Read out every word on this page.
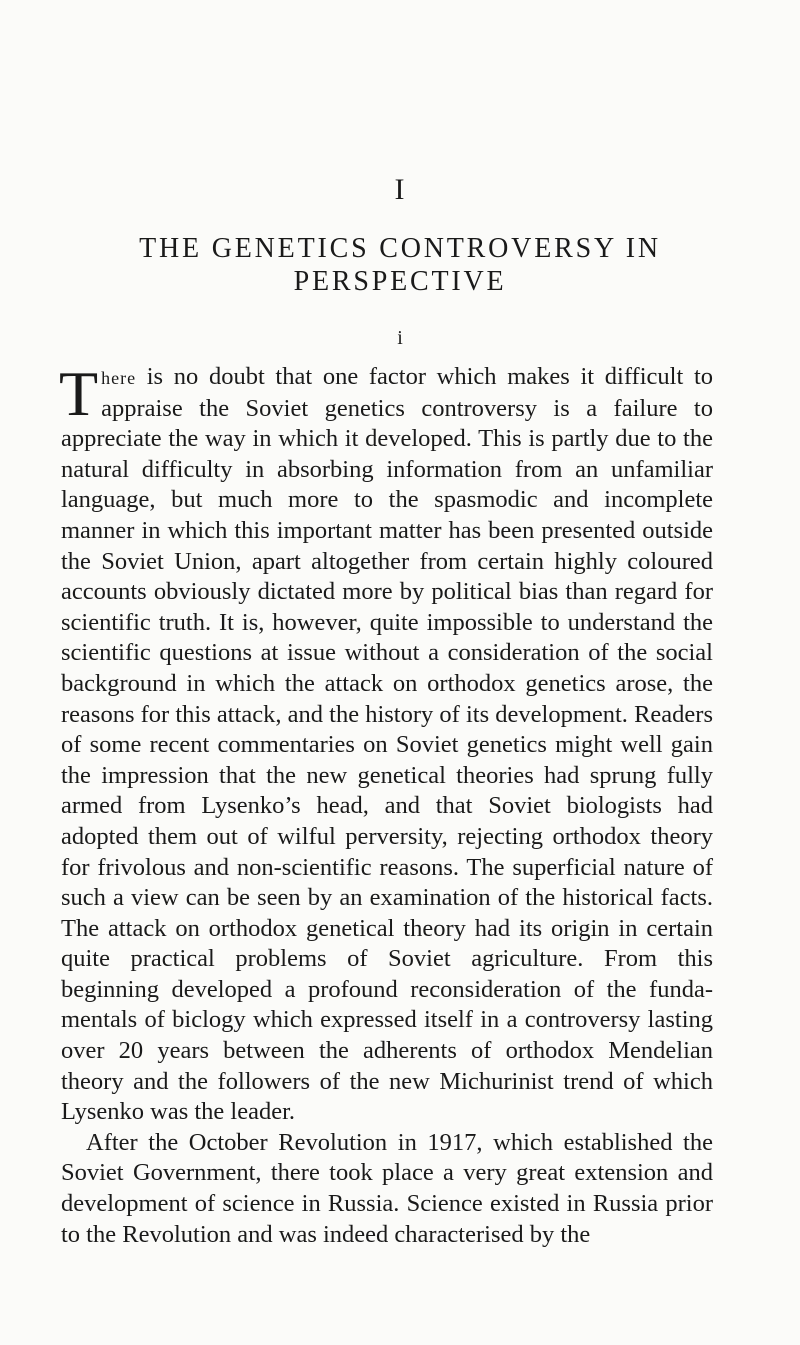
I
THE GENETICS CONTROVERSY IN PERSPECTIVE
i

There is no doubt that one factor which makes it difficult to appraise the Soviet genetics controversy is a failure to appreciate the way in which it developed. This is partly due to the natural difficulty in absorbing information from an unfamiliar language, but much more to the spasmodic and incomplete manner in which this important matter has been presented outside the Soviet Union, apart altogether from certain highly coloured accounts obviously dictated more by political bias than regard for scientific truth. It is, however, quite impossible to understand the scientific questions at issue without a consideration of the social background in which the attack on orthodox genetics arose, the reasons for this attack, and the history of its development. Readers of some recent commentaries on Soviet genetics might well gain the impression that the new genetical theories had sprung fully armed from Lysenko’s head, and that Soviet biologists had adopted them out of wilful perversity, rejecting orthodox theory for frivolous and non-scientific reasons. The superficial nature of such a view can be seen by an examination of the historical facts. The attack on orthodox genetical theory had its origin in certain quite practical problems of Soviet agriculture. From this beginning developed a profound reconsideration of the fundamentals of biclogy which expressed itself in a controversy lasting over 20 years between the adherents of orthodox Mendelian theory and the followers of the new Michurinist trend of which Lysenko was the leader.

After the October Revolution in 1917, which established the Soviet Government, there took place a very great extension and development of science in Russia. Science existed in Russia prior to the Revolution and was indeed characterised by the
